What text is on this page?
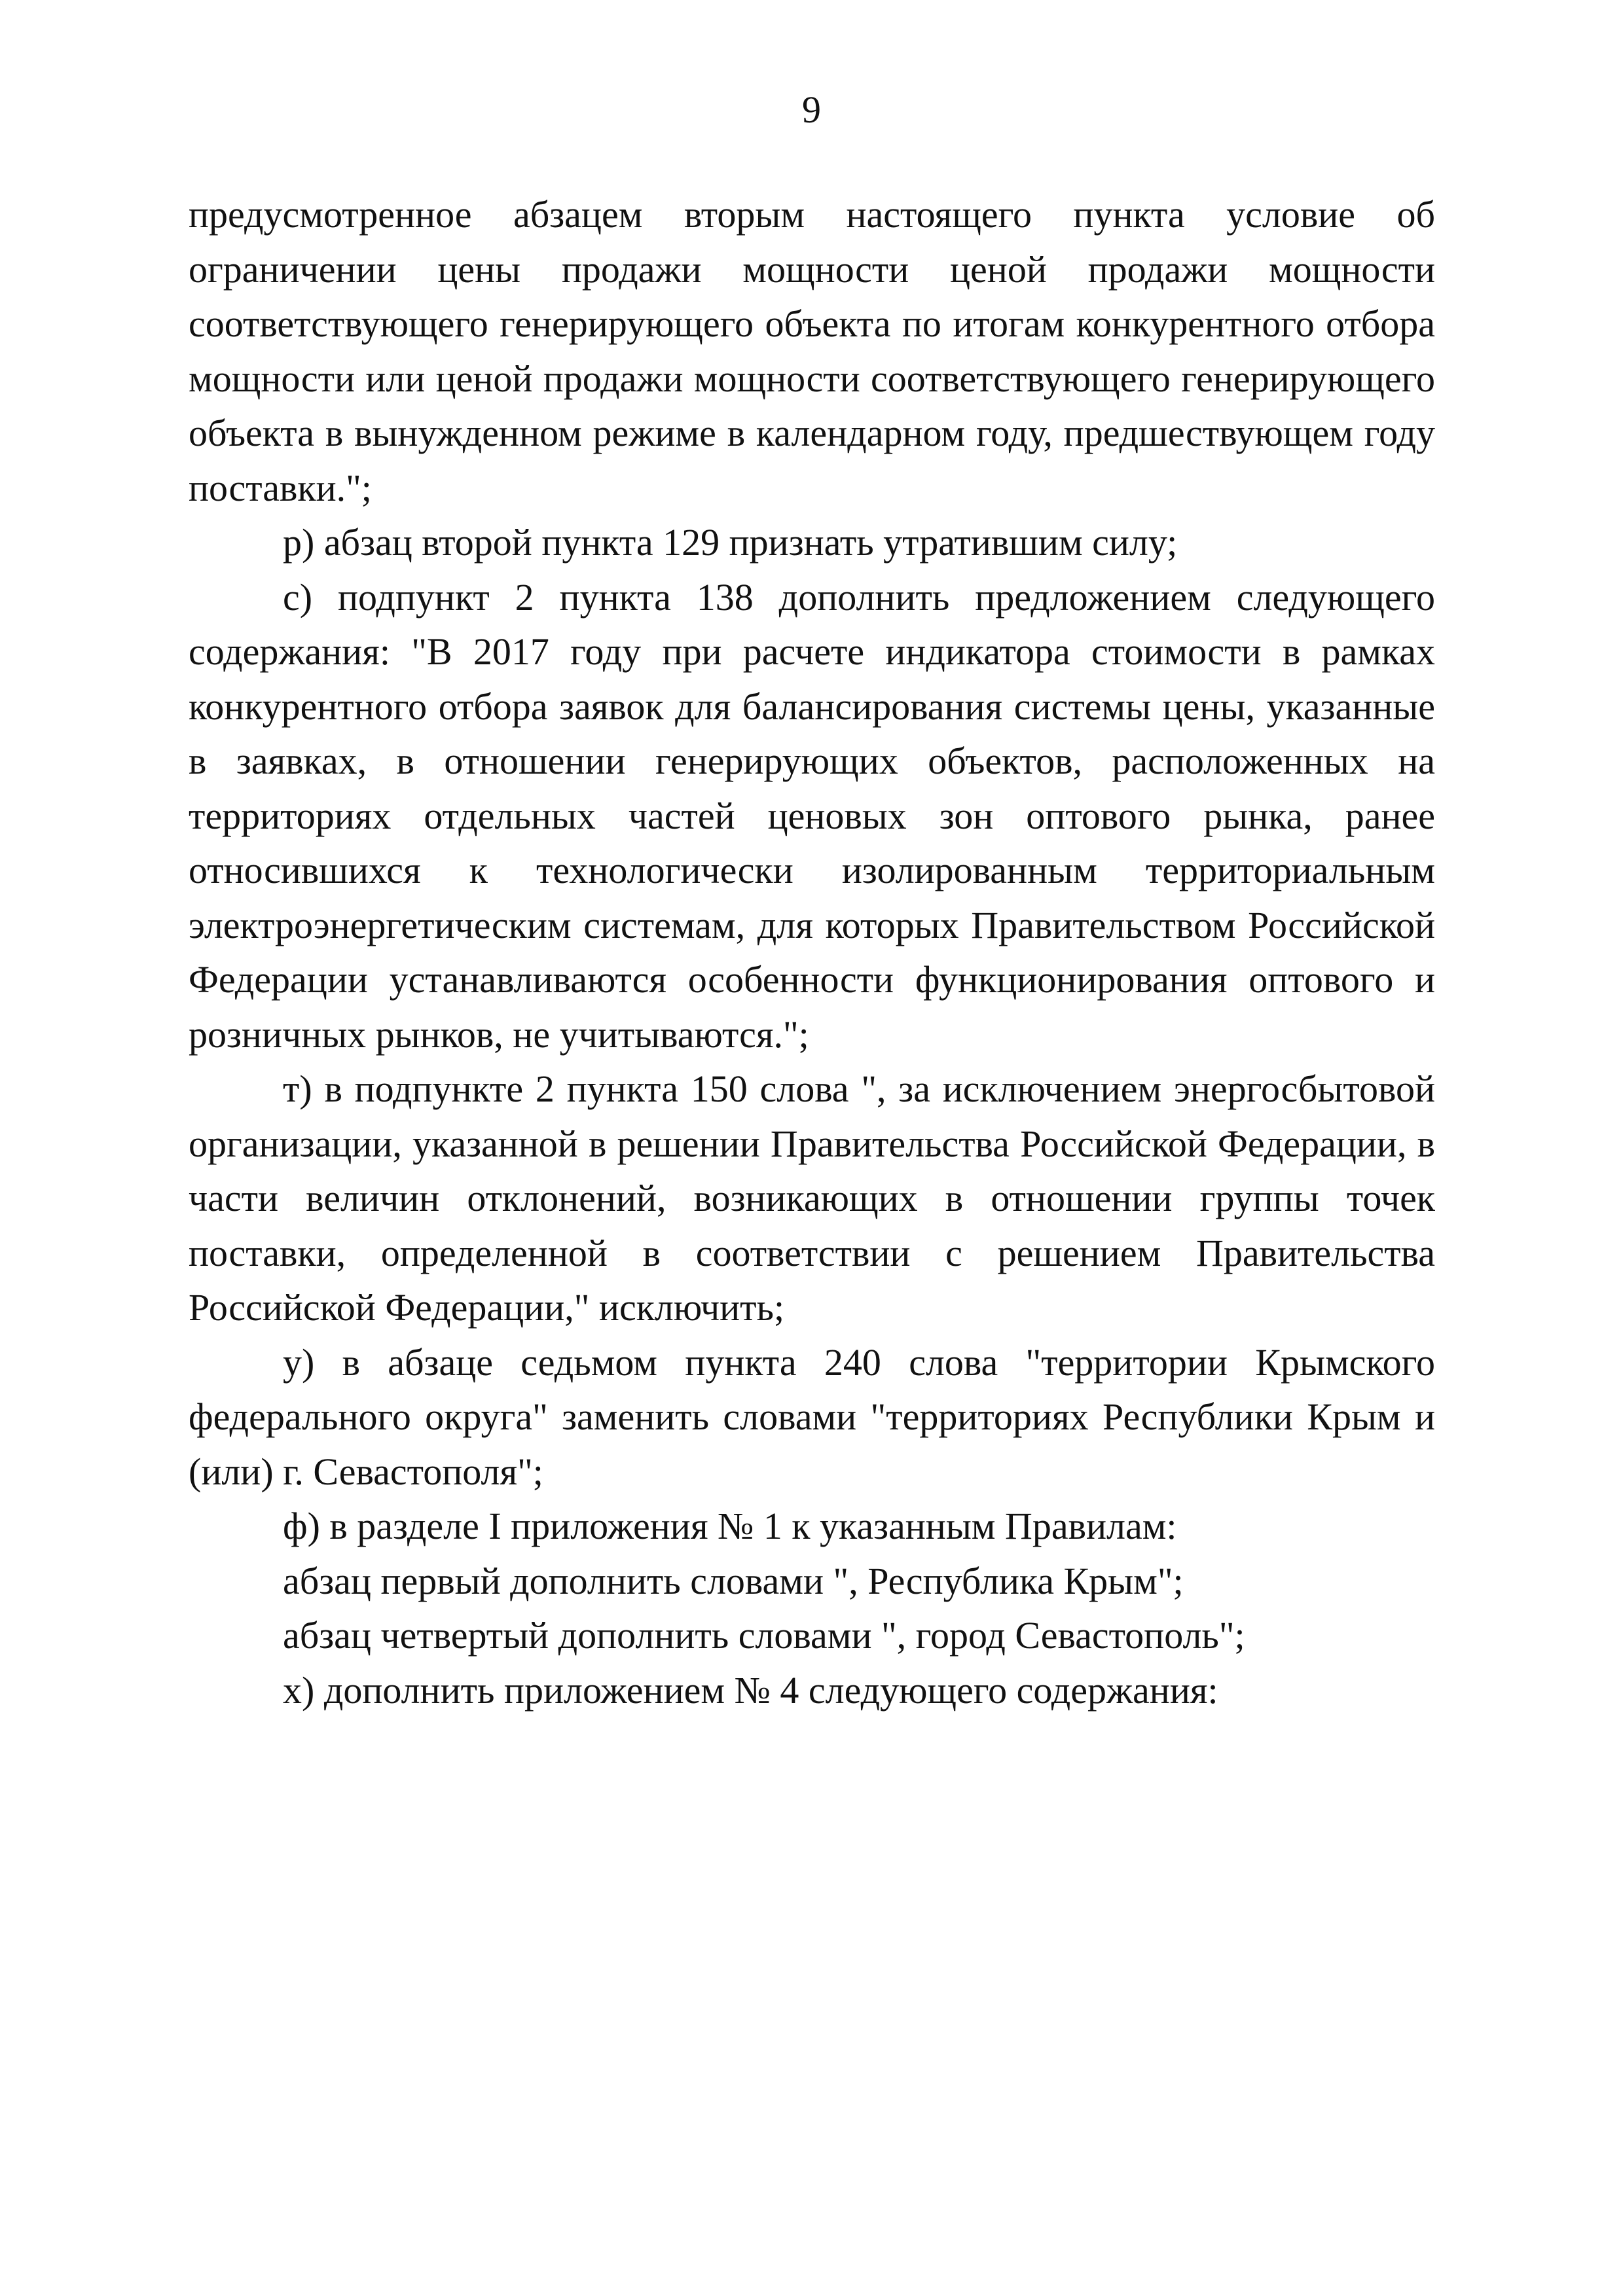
9

предусмотренное абзацем вторым настоящего пункта условие об ограничении цены продажи мощности ценой продажи мощности соответствующего генерирующего объекта по итогам конкурентного отбора мощности или ценой продажи мощности соответствующего генерирующего объекта в вынужденном режиме в календарном году, предшествующем году поставки.";

р) абзац второй пункта 129 признать утратившим силу;

с) подпункт 2 пункта 138 дополнить предложением следующего содержания: "В 2017 году при расчете индикатора стоимости в рамках конкурентного отбора заявок для балансирования системы цены, указанные в заявках, в отношении генерирующих объектов, расположенных на территориях отдельных частей ценовых зон оптового рынка, ранее относившихся к технологически изолированным территориальным электроэнергетическим системам, для которых Правительством Российской Федерации устанавливаются особенности функционирования оптового и розничных рынков, не учитываются.";

т) в подпункте 2 пункта 150 слова ", за исключением энергосбытовой организации, указанной в решении Правительства Российской Федерации, в части величин отклонений, возникающих в отношении группы точек поставки, определенной в соответствии с решением Правительства Российской Федерации," исключить;

у) в абзаце седьмом пункта 240 слова "территории Крымского федерального округа" заменить словами "территориях Республики Крым и (или) г. Севастополя";

ф) в разделе I приложения № 1 к указанным Правилам:

абзац первый дополнить словами ", Республика Крым";

абзац четвертый дополнить словами ", город Севастополь";

х) дополнить приложением № 4 следующего содержания:
